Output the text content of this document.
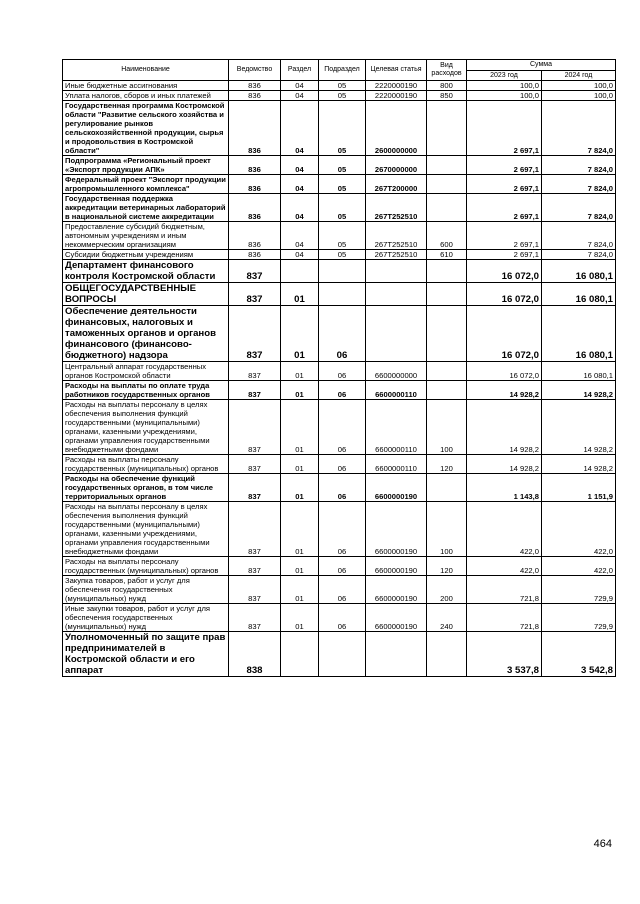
Наименование	Ведомство	Раздел	Подраздел	Целевая статья	Вид расходов	Сумма	
						2023 год	2024 год
Иные бюджетные ассигнования	836	04	05	2220000190	800	100,0	100,0
Уплата налогов, сборов и иных платежей	836	04	05	2220000190	850	100,0	100,0
Государственная программа Костромской области "Развитие сельского хозяйства и регулирование рынков сельскохозяйственной продукции, сырья и продовольствия в Костромской области"	836	04	05	2600000000		2 697,1	7 824,0
Подпрограмма «Региональный проект «Экспорт продукции АПК»	836	04	05	2670000000		2 697,1	7 824,0
Федеральный проект "Экспорт продукции агропромышленного комплекса"	836	04	05	267T200000		2 697,1	7 824,0
Государственная поддержка аккредитации ветеринарных лабораторий в национальной системе аккредитации	836	04	05	267T252510		2 697,1	7 824,0
Предоставление субсидий бюджетным, автономным учреждениям и иным некоммерческим организациям	836	04	05	267T252510	600	2 697,1	7 824,0
Субсидии бюджетным учреждениям	836	04	05	267T252510	610	2 697,1	7 824,0
Департамент финансового контроля Костромской области	837					16 072,0	16 080,1
ОБЩЕГОСУДАРСТВЕННЫЕ ВОПРОСЫ	837	01				16 072,0	16 080,1
Обеспечение деятельности финансовых, налоговых и таможенных органов и органов финансового (финансово-бюджетного) надзора	837	01	06			16 072,0	16 080,1
Центральный аппарат государственных органов Костромской области	837	01	06	6600000000		16 072,0	16 080,1
Расходы на выплаты по оплате труда работников государственных органов	837	01	06	6600000110		14 928,2	14 928,2
Расходы на выплаты персоналу в целях обеспечения выполнения функций государственными (муниципальными) органами, казенными учреждениями, органами управления государственными внебюджетными фондами	837	01	06	6600000110	100	14 928,2	14 928,2
Расходы на выплаты персоналу государственных (муниципальных) органов	837	01	06	6600000110	120	14 928,2	14 928,2
Расходы на обеспечение функций государственных органов, в том числе территориальных органов	837	01	06	6600000190		1 143,8	1 151,9
Расходы на выплаты персоналу в целях обеспечения выполнения функций государственными (муниципальными) органами, казенными учреждениями, органами управления государственными внебюджетными фондами	837	01	06	6600000190	100	422,0	422,0
Расходы на выплаты персоналу государственных (муниципальных) органов	837	01	06	6600000190	120	422,0	422,0
Закупка товаров, работ и услуг для обеспечения государственных (муниципальных) нужд	837	01	06	6600000190	200	721,8	729,9
Иные закупки товаров, работ и услуг для обеспечения государственных (муниципальных) нужд	837	01	06	6600000190	240	721,8	729,9
Уполномоченный по защите прав предпринимателей в Костромской области и его аппарат	838					3 537,8	3 542,8
464
